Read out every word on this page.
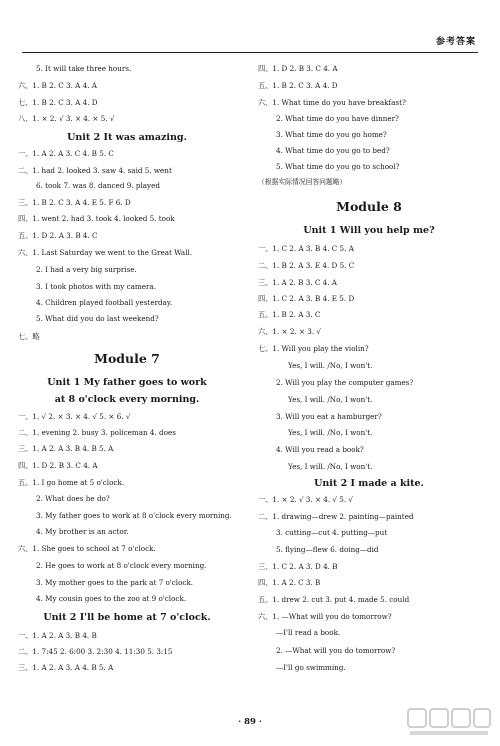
参考答案
5. It will take three hours.
六、1. B 2. C 3. A 4. A
七、1. B 2. C 3. A 4. D
八、1. × 2. √ 3. × 4. × 5. √
Unit 2 It was amazing.
一、1. A 2. A 3. C 4. B 5. C
二、1. had 2. looked 3. saw 4. said 5. went
6. took 7. was 8. danced 9. played
三、1. B 2. C 3. A 4. E 5. F 6. D
四、1. went 2. had 3. took 4. looked 5. took
五、1. D 2. A 3. B 4. C
六、1. Last Saturday we went to the Great Wall.
2. I had a very big surprise.
3. I took photos with my camera.
4. Children played football yesterday.
5. What did you do last weekend?
七、略
Module 7
Unit 1 My father goes to work
at 8 o'clock every morning.
一、1. √ 2. × 3. × 4. √ 5. × 6. √
二、1. evening 2. busy 3. policeman 4. does
三、1. A 2. A 3. B 4. B 5. A
四、1. D 2. B 3. C 4. A
五、1. I go home at 5 o'clock.
2. What does he do?
3. My father goes to work at 8 o'clock every morning.
4. My brother is an actor.
六、1. She goes to school at 7 o'clock.
2. He goes to work at 8 o'clock every morning.
3. My mother goes to the park at 7 o'clock.
4. My cousin goes to the zoo at 9 o'clock.
Unit 2 I'll be home at 7 o'clock.
一、1. A 2. A 3. B 4. B
二、1. 7:45 2. 6:00 3. 2:30 4. 11:30 5. 3:15
三、1. A 2. A 3. A 4. B 5. A
四、1. D 2. B 3. C 4. A
五、1. B 2. C 3. A 4. D
六、1. What time do you have breakfast?
2. What time do you have dinner?
3. What time do you go home?
4. What time do you go to bed?
5. What time do you go to school?
（根据实际情况回答问题略）
Module 8
Unit 1 Will you help me?
一、1. C 2. A 3. B 4. C 5. A
二、1. B 2. A 3. E 4. D 5. C
三、1. A 2. B 3. C 4. A
四、1. C 2. A 3. B 4. E 5. D
五、1. B 2. A 3. C
六、1. × 2. × 3. √
七、1. Will you play the violin?
Yes, I will. /No, I won't.
2. Will you play the computer games?
Yes, I will. /No, I won't.
3. Will you eat a hamburger?
Yes, I will. /No, I won't.
4. Will you read a book?
Yes, I will. /No, I won't.
Unit 2 I made a kite.
一、1. × 2. √ 3. × 4. √ 5. √
二、1. drawing—drew 2. painting—painted
3. cutting—cut 4. putting—put
5. flying—flew 6. doing—did
三、1. C 2. A 3. D 4. B
四、1. A 2. C 3. B
五、1. drew 2. cut 3. put 4. made 5. could
六、1. —What will you do tomorrow?
—I'll read a book.
2. —What will you do tomorrow?
—I'll go swimming.
· 89 ·
